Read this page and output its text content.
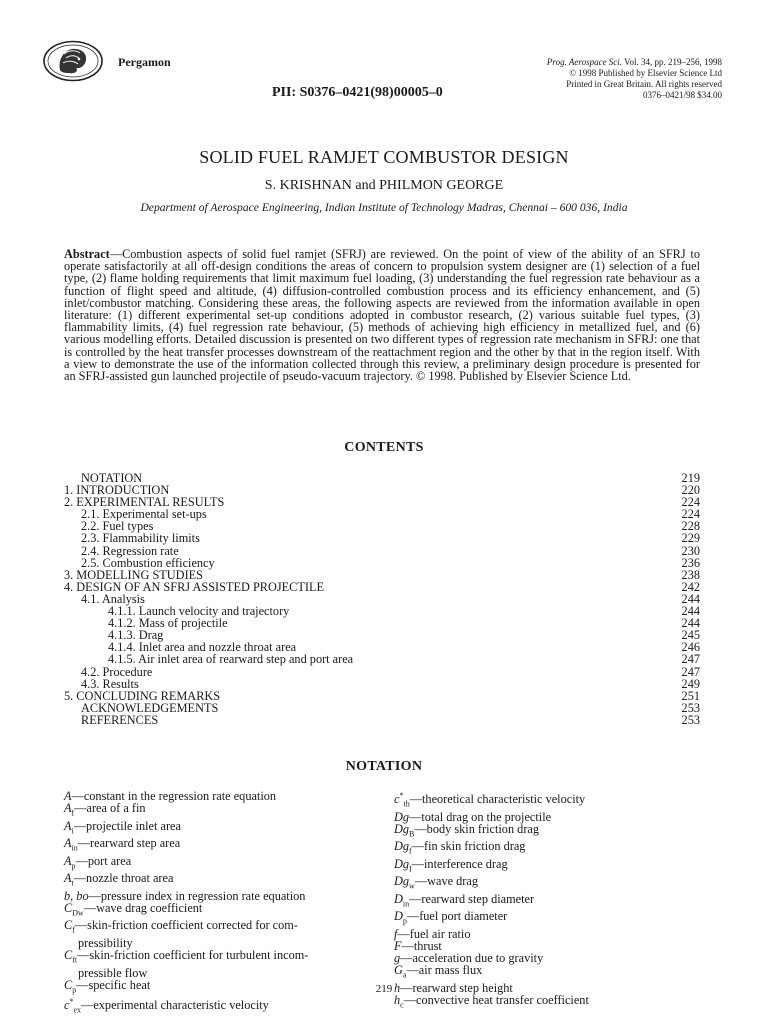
Pergamon	Prog. Aerospace Sci. Vol. 34, pp. 219–256, 1998
© 1998 Published by Elsevier Science Ltd
Printed in Great Britain. All rights reserved
0376–0421/98 $34.00
PII: S0376–0421(98)00005–0
SOLID FUEL RAMJET COMBUSTOR DESIGN
S. KRISHNAN and PHILMON GEORGE
Department of Aerospace Engineering, Indian Institute of Technology Madras, Chennai – 600 036, India
Abstract—Combustion aspects of solid fuel ramjet (SFRJ) are reviewed. On the point of view of the ability of an SFRJ to operate satisfactorily at all off-design conditions the areas of concern to propulsion system designer are (1) selection of a fuel type, (2) flame holding requirements that limit maximum fuel loading, (3) understanding the fuel regression rate behaviour as a function of flight speed and altitude, (4) diffusion-controlled combustion process and its efficiency enhancement, and (5) inlet/combustor matching. Considering these areas, the following aspects are reviewed from the information available in open literature: (1) different experimental set-up conditions adopted in combustor research, (2) various suitable fuel types, (3) flammability limits, (4) fuel regression rate behaviour, (5) methods of achieving high efficiency in metallized fuel, and (6) various modelling efforts. Detailed discussion is presented on two different types of regression rate mechanism in SFRJ: one that is controlled by the heat transfer processes downstream of the reattachment region and the other by that in the region itself. With a view to demonstrate the use of the information collected through this review, a preliminary design procedure is presented for an SFRJ-assisted gun launched projectile of pseudo-vacuum trajectory. © 1998. Published by Elsevier Science Ltd.
CONTENTS
NOTATION	219
1. INTRODUCTION	220
2. EXPERIMENTAL RESULTS	224
2.1. Experimental set-ups	224
2.2. Fuel types	228
2.3. Flammability limits	229
2.4. Regression rate	230
2.5. Combustion efficiency	236
3. MODELLING STUDIES	238
4. DESIGN OF AN SFRJ ASSISTED PROJECTILE	242
4.1. Analysis	244
4.1.1. Launch velocity and trajectory	244
4.1.2. Mass of projectile	244
4.1.3. Drag	245
4.1.4. Inlet area and nozzle throat area	246
4.1.5. Air inlet area of rearward step and port area	247
4.2. Procedure	247
4.3. Results	249
5. CONCLUDING REMARKS	251
ACKNOWLEDGEMENTS	253
REFERENCES	253
NOTATION
A—constant in the regression rate equation
$A_f—area$ of a fin
$A_i—projectile$ inlet area
$A_{in}—rearward$ step area
$A_p—port$ area
$A_t—nozzle$ throat area
b, bo—pressure index in regression rate equation
$C_{Dw}—wave$ drag coefficient
$C_f—skin$-friction coefficient corrected for com-
pressibility
$C_{ft}—skin$-friction coefficient for turbulent incom-
pressible flow
$C_p—specific$ heat
$c^*_{ex}—experimental$ characteristic velocity
$c^*_{th}—theoretical$ characteristic velocity
Dg—total drag on the projectile
$Dg_B—body$ skin friction drag
$Dg_f—fin$ skin friction drag
$Dg_I—interference$ drag
$Dg_w—wave$ drag
$D_{in}—rearward$ step diameter
$D_p—fuel$ port diameter
f—fuel air ratio
F—thrust
g—acceleration due to gravity
$G_a—air$ mass flux
h—rearward step height
$h_c—convective$ heat transfer coefficient
219
